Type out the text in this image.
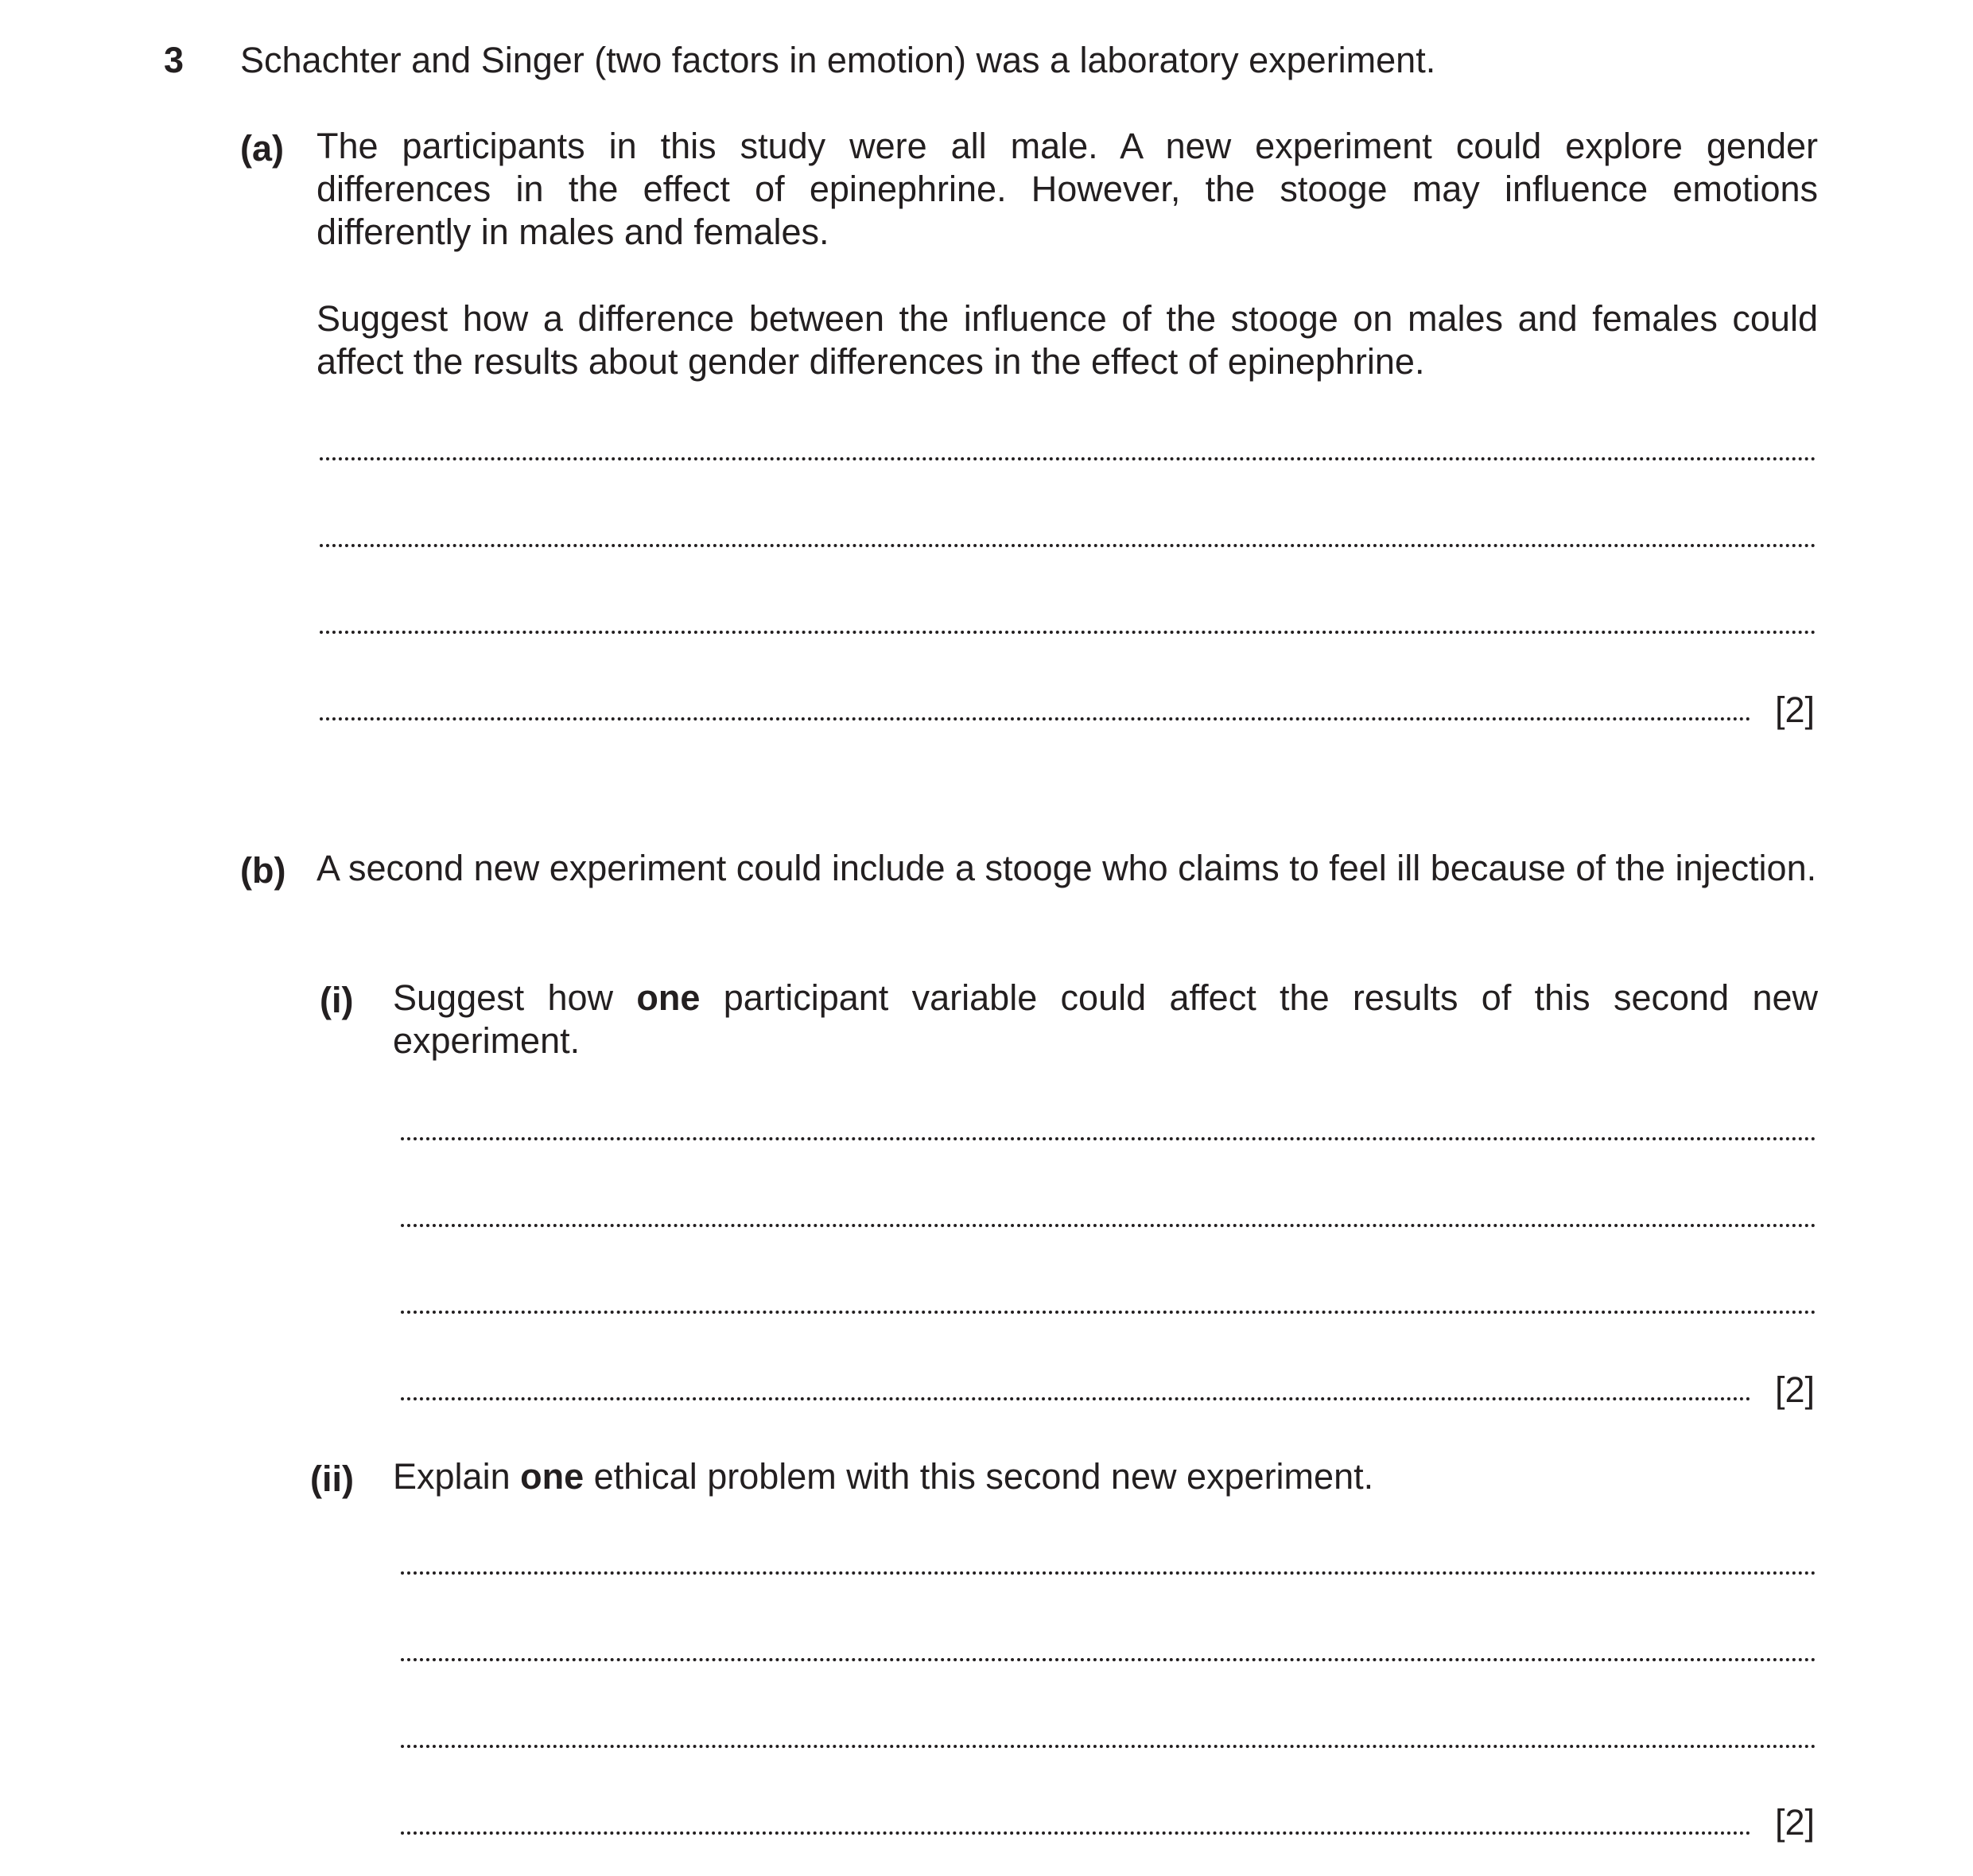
3 Schachter and Singer (two factors in emotion) was a laboratory experiment.
(a) The participants in this study were all male. A new experiment could explore gender differences in the effect of epinephrine. However, the stooge may influence emotions differently in males and females.
Suggest how a difference between the influence of the stooge on males and females could affect the results about gender differences in the effect of epinephrine.
[2]
(b) A second new experiment could include a stooge who claims to feel ill because of the injection.
(i) Suggest how one participant variable could affect the results of this second new experiment.
[2]
(ii) Explain one ethical problem with this second new experiment.
[2]
